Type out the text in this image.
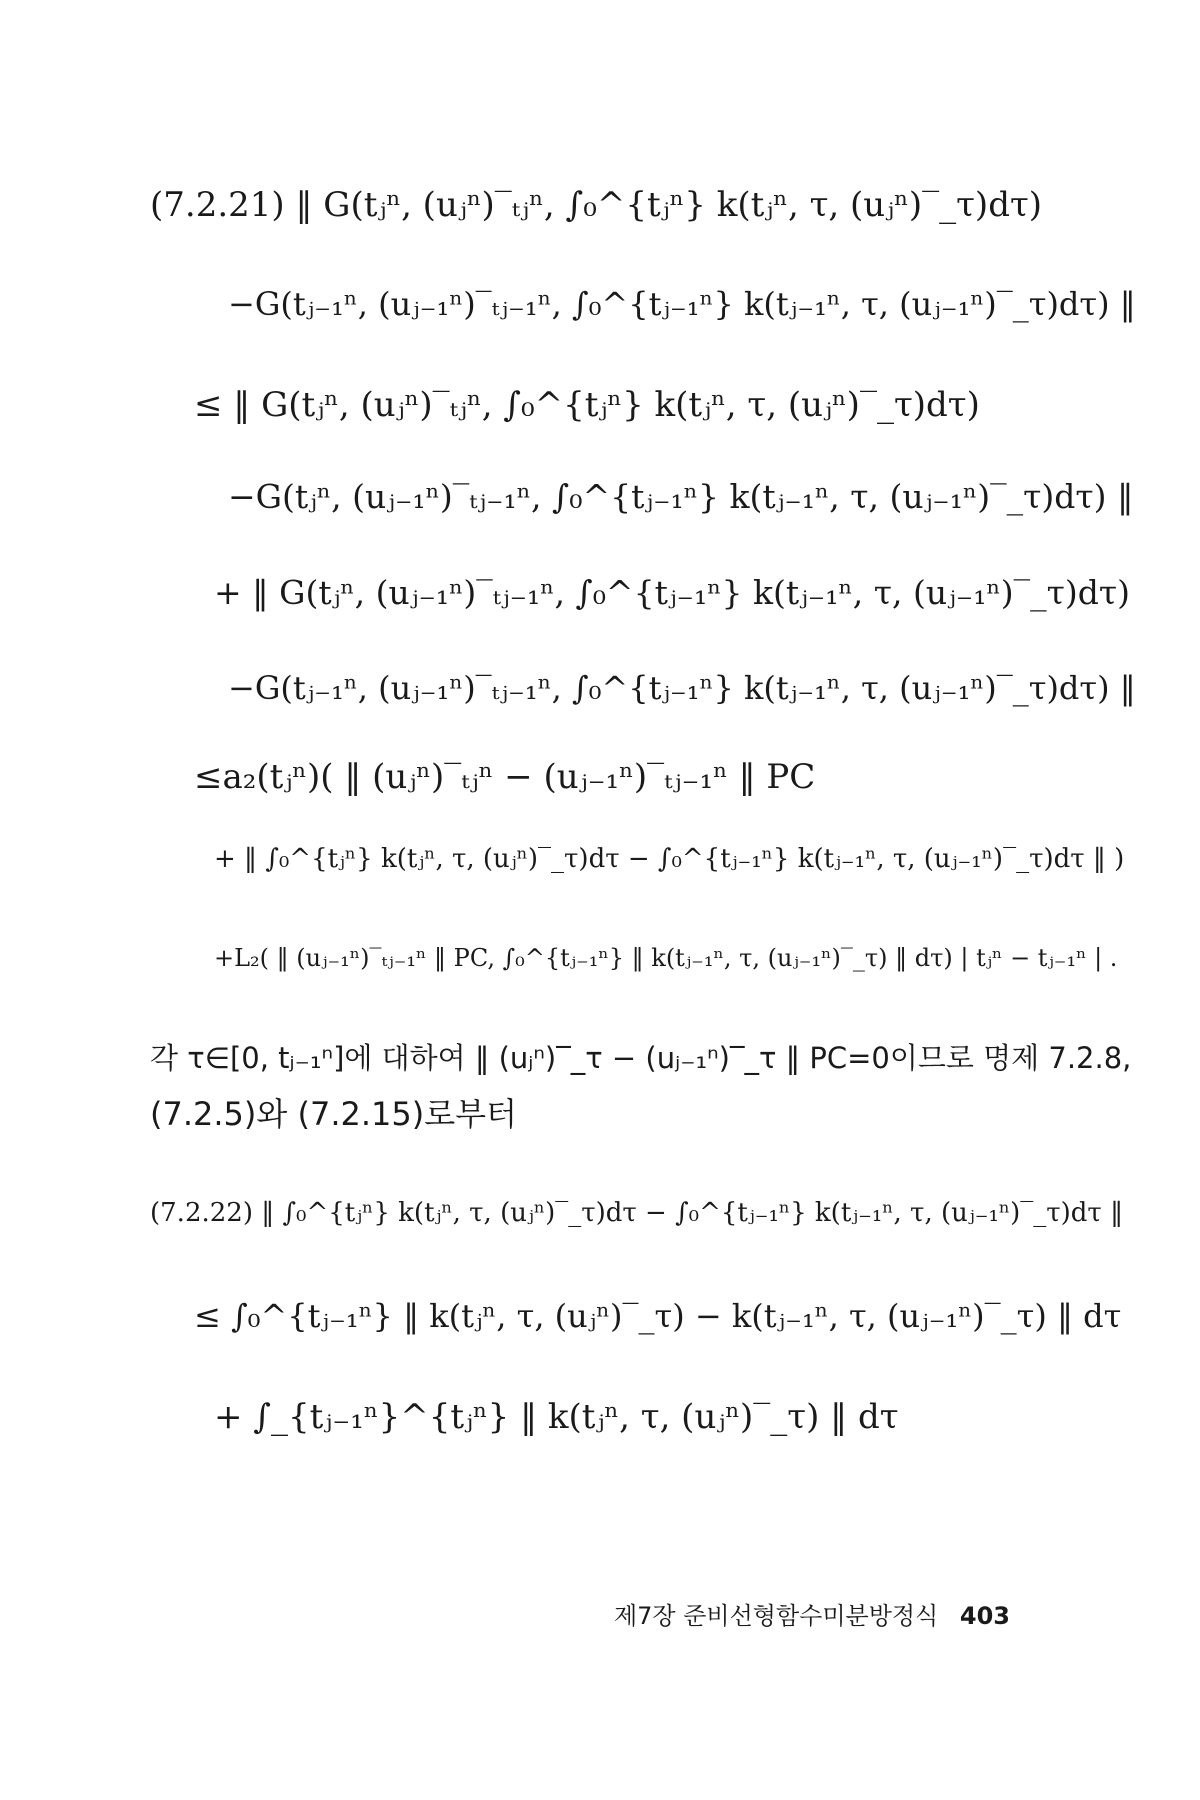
(7.2.21) ‖ G(tⱼⁿ, (uⱼⁿ)‾ₜⱼⁿ, ∫₀^{tⱼⁿ} k(tⱼⁿ, τ, (uⱼⁿ)‾_τ)dτ)
−G(tⱼ₋₁ⁿ, (uⱼ₋₁ⁿ)‾ₜⱼ₋₁ⁿ, ∫₀^{tⱼ₋₁ⁿ} k(tⱼ₋₁ⁿ, τ, (uⱼ₋₁ⁿ)‾_τ)dτ) ‖
≤ ‖ G(tⱼⁿ, (uⱼⁿ)‾ₜⱼⁿ, ∫₀^{tⱼⁿ} k(tⱼⁿ, τ, (uⱼⁿ)‾_τ)dτ)
−G(tⱼⁿ, (uⱼ₋₁ⁿ)‾ₜⱼ₋₁ⁿ, ∫₀^{tⱼ₋₁ⁿ} k(tⱼ₋₁ⁿ, τ, (uⱼ₋₁ⁿ)‾_τ)dτ) ‖
+ ‖ G(tⱼⁿ, (uⱼ₋₁ⁿ)‾ₜⱼ₋₁ⁿ, ∫₀^{tⱼ₋₁ⁿ} k(tⱼ₋₁ⁿ, τ, (uⱼ₋₁ⁿ)‾_τ)dτ)
−G(tⱼ₋₁ⁿ, (uⱼ₋₁ⁿ)‾ₜⱼ₋₁ⁿ, ∫₀^{tⱼ₋₁ⁿ} k(tⱼ₋₁ⁿ, τ, (uⱼ₋₁ⁿ)‾_τ)dτ) ‖
≤a₂(tⱼⁿ)( ‖ (uⱼⁿ)‾ₜⱼⁿ − (uⱼ₋₁ⁿ)‾ₜⱼ₋₁ⁿ ‖ PC
+ ‖ ∫₀^{tⱼⁿ} k(tⱼⁿ, τ, (uⱼⁿ)‾_τ)dτ − ∫₀^{tⱼ₋₁ⁿ} k(tⱼ₋₁ⁿ, τ, (uⱼ₋₁ⁿ)‾_τ)dτ ‖ )
+L₂( ‖ (uⱼ₋₁ⁿ)‾ₜⱼ₋₁ⁿ ‖ PC, ∫₀^{tⱼ₋₁ⁿ} ‖ k(tⱼ₋₁ⁿ, τ, (uⱼ₋₁ⁿ)‾_τ) ‖ dτ) | tⱼⁿ − tⱼ₋₁ⁿ | .
각 τ∈[0, tⱼ₋₁ⁿ]에 대하여 ‖ (uⱼⁿ)‾_τ − (uⱼ₋₁ⁿ)‾_τ ‖ PC=0이므로 명제 7.2.8,
(7.2.5)와 (7.2.15)로부터
(7.2.22) ‖ ∫₀^{tⱼⁿ} k(tⱼⁿ, τ, (uⱼⁿ)‾_τ)dτ − ∫₀^{tⱼ₋₁ⁿ} k(tⱼ₋₁ⁿ, τ, (uⱼ₋₁ⁿ)‾_τ)dτ ‖
≤ ∫₀^{tⱼ₋₁ⁿ} ‖ k(tⱼⁿ, τ, (uⱼⁿ)‾_τ) − k(tⱼ₋₁ⁿ, τ, (uⱼ₋₁ⁿ)‾_τ) ‖ dτ
+ ∫_{tⱼ₋₁ⁿ}^{tⱼⁿ} ‖ k(tⱼⁿ, τ, (uⱼⁿ)‾_τ) ‖ dτ
제7장 준비선형함수미분방정식 403
